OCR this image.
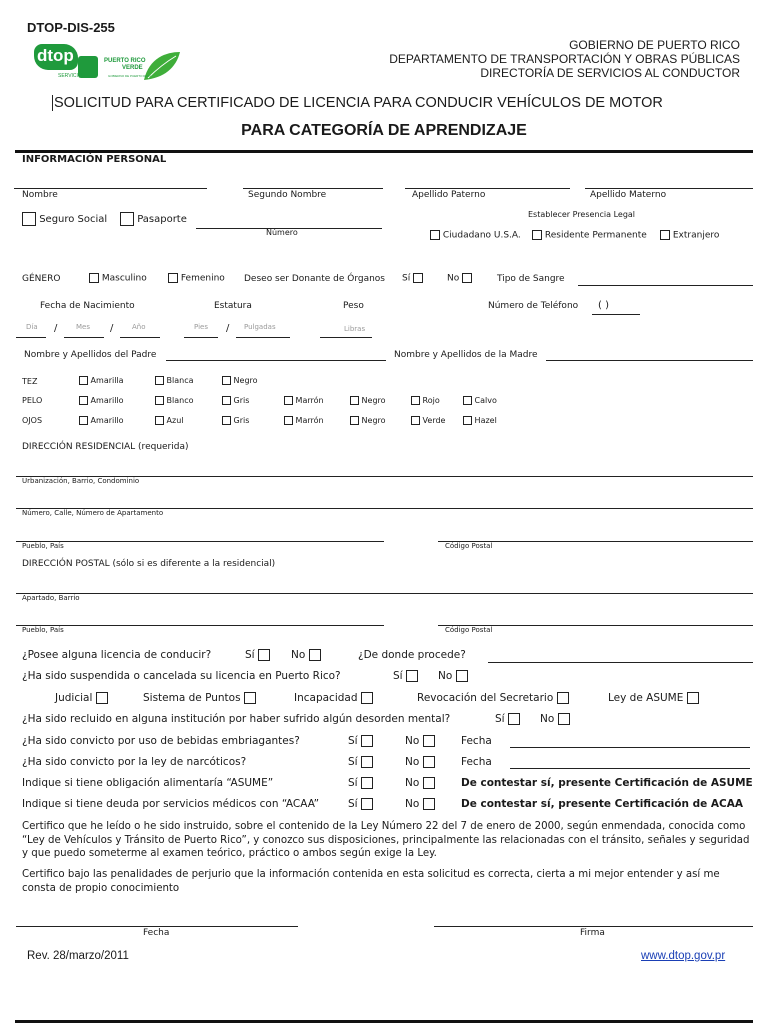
DTOP-DIS-255
dtop
SERVICIOS
PUERTO RICO
VERDE
GOBIERNO DE PUERTO RICO
GOBIERNO DE PUERTO RICO
DEPARTAMENTO DE TRANSPORTACIÓN Y OBRAS PÚBLICAS
DIRECTORÍA DE SERVICIOS AL CONDUCTOR
SOLICITUD PARA CERTIFICADO DE LICENCIA PARA CONDUCIR VEHÍCULOS DE MOTOR
PARA CATEGORÍA DE APRENDIZAJE
INFORMACIÓN PERSONAL
Nombre	Segundo Nombre	Apellido Paterno	Apellido Materno
Seguro Social	Pasaporte
Número
Establecer Presencia Legal
Ciudadano U.S.A.	Residente Permanente	Extranjero
GÉNERO	Masculino	Femenino Deseo ser Donante de Órganos Sí	No	Tipo de Sangre
Fecha de Nacimiento	Estatura	Peso	Número de Teléfono ( )
Día /	Mes /	Año	Pies / Pulgadas	Libras
Nombre y Apellidos del Padre	Nombre y Apellidos de la Madre
TEZ	Amarilla	Blanca	Negro
PELO	Amarillo	Blanco	Gris	Marrón	Negro	Rojo	Calvo
OJOS	Amarillo	Azul	Gris	Marrón	Negro	Verde	Hazel
DIRECCIÓN RESIDENCIAL (requerida)
Urbanización, Barrio, Condominio
Número, Calle, Número de Apartamento
Pueblo, País	Código Postal
DIRECCIÓN POSTAL (sólo si es diferente a la residencial)
Apartado, Barrio
Pueblo, País	Código Postal
¿Posee alguna licencia de conducir?	Sí	No	¿De donde procede?
¿Ha sido suspendida o cancelada su licencia en Puerto Rico?	Sí	No
Judicial	Sistema de Puntos	Incapacidad	Revocación del Secretario	Ley de ASUME
¿Ha sido recluido en alguna institución por haber sufrido algún desorden mental?	Sí	No
¿Ha sido convicto por uso de bebidas embriagantes?	Sí	No	Fecha
¿Ha sido convicto por la ley de narcóticos?	Sí	No	Fecha
Indique si tiene obligación alimentaría “ASUME”	Sí	No	De contestar sí, presente Certificación de ASUME
Indique si tiene deuda por servicios médicos con “ACAA”	Sí	No	De contestar sí, presente Certificación de ACAA
Certifico que he leído o he sido instruido, sobre el contenido de la Ley Número 22 del 7 de enero de 2000, según enmendada, conocida como “Ley de Vehículos y Tránsito de Puerto Rico”, y conozco sus disposiciones, principalmente las relacionadas con el tránsito, señales y seguridad y que puedo someterme al examen teórico, práctico o ambos según exige la Ley.
Certifico bajo las penalidades de perjurio que la información contenida en esta solicitud es correcta, cierta a mi mejor entender y así me consta de propio conocimiento
Fecha	Firma
Rev. 28/marzo/2011	www.dtop.gov.pr
